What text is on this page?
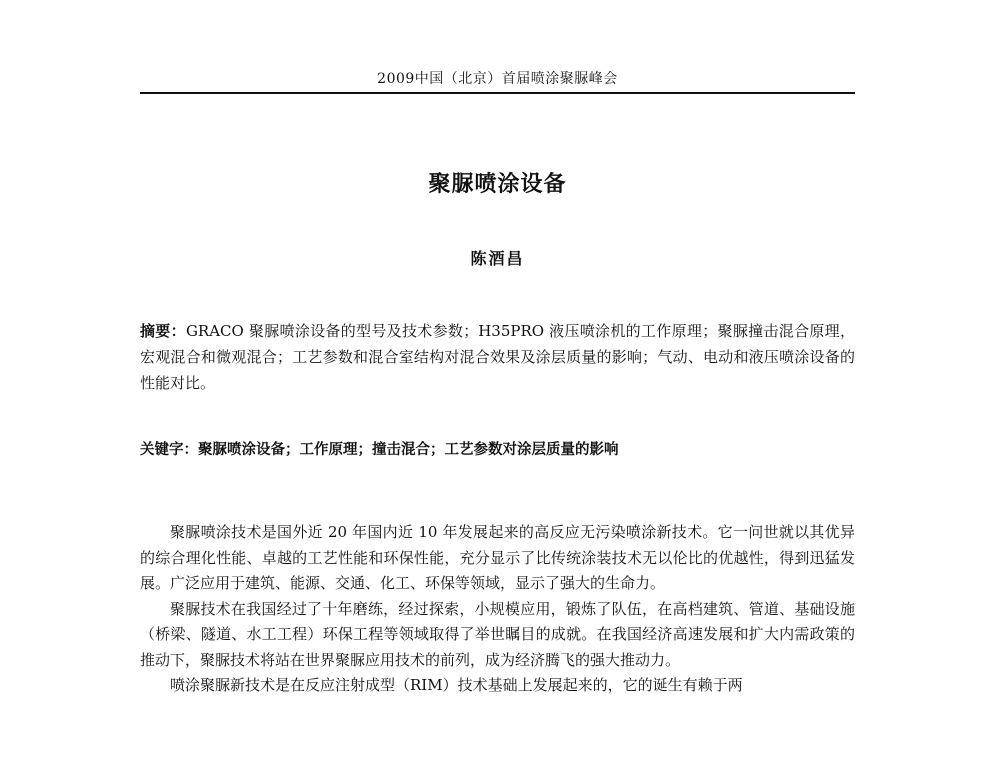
2009中国（北京）首届喷涂聚脲峰会
聚脲喷涂设备
陈酒昌
摘要：GRACO 聚脲喷涂设备的型号及技术参数；H35PRO 液压喷涂机的工作原理；聚脲撞击混合原理，宏观混合和微观混合；工艺参数和混合室结构对混合效果及涂层质量的影响；气动、电动和液压喷涂设备的性能对比。
关键字：聚脲喷涂设备；工作原理；撞击混合；工艺参数对涂层质量的影响

聚脲喷涂技术是国外近 20 年国内近 10 年发展起来的高反应无污染喷涂新技术。它一问世就以其优异的综合理化性能、卓越的工艺性能和环保性能，充分显示了比传统涂装技术无以伦比的优越性，得到迅猛发展。广泛应用于建筑、能源、交通、化工、环保等领域，显示了强大的生命力。

聚脲技术在我国经过了十年磨练，经过探索，小规模应用，锻炼了队伍，在高档建筑、管道、基础设施（桥梁、隧道、水工工程）环保工程等领域取得了举世瞩目的成就。在我国经济高速发展和扩大内需政策的推动下，聚脲技术将站在世界聚脲应用技术的前列，成为经济腾飞的强大推动力。

喷涂聚脲新技术是在反应注射成型（RIM）技术基础上发展起来的，它的诞生有赖于两
